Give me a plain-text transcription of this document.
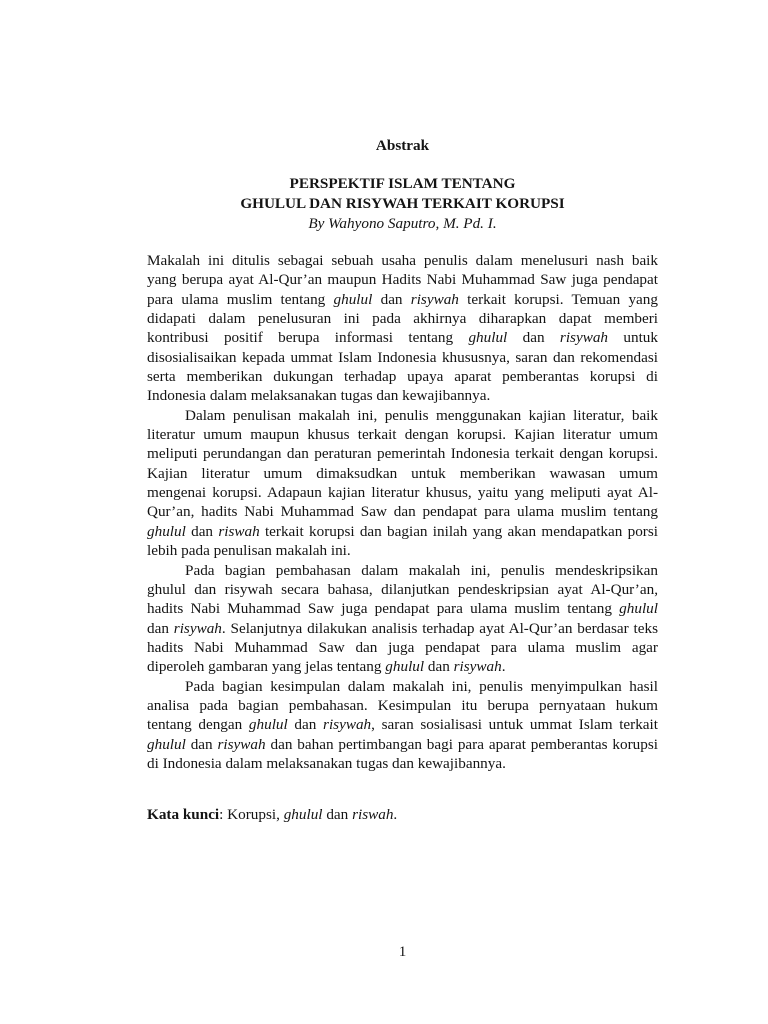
Abstrak
PERSPEKTIF ISLAM TENTANG
GHULUL DAN RISYWAH TERKAIT KORUPSI
By Wahyono Saputro, M. Pd. I.
Makalah ini ditulis sebagai sebuah usaha penulis dalam menelusuri nash baik
yang berupa ayat Al-Qur’an maupun Hadits Nabi Muhammad Saw juga pendapat
para ulama muslim tentang ghulul dan risywah terkait korupsi. Temuan yang
didapati dalam penelusuran ini pada akhirnya diharapkan dapat memberi
kontribusi positif berupa informasi tentang ghulul dan risywah untuk
disosialisaikan kepada ummat Islam Indonesia khususnya, saran dan rekomendasi
serta memberikan dukungan terhadap upaya aparat pemberantas korupsi di
Indonesia dalam melaksanakan tugas dan kewajibannya.
Dalam penulisan makalah ini, penulis menggunakan kajian literatur, baik
literatur umum maupun khusus terkait dengan korupsi. Kajian literatur umum
meliputi perundangan dan peraturan pemerintah Indonesia terkait dengan korupsi.
Kajian literatur umum dimaksudkan untuk memberikan wawasan umum
mengenai korupsi. Adapaun kajian literatur khusus, yaitu yang meliputi ayat Al-
Qur’an, hadits Nabi Muhammad Saw dan pendapat para ulama muslim tentang
ghulul dan riswah terkait korupsi dan bagian inilah yang akan mendapatkan porsi
lebih pada penulisan makalah ini.
Pada bagian pembahasan dalam makalah ini, penulis mendeskripsikan
ghulul dan risywah secara bahasa, dilanjutkan pendeskripsian ayat Al-Qur’an,
hadits Nabi Muhammad Saw juga pendapat para ulama muslim tentang ghulul
dan risywah. Selanjutnya dilakukan analisis terhadap ayat Al-Qur’an berdasar teks
hadits Nabi Muhammad Saw dan juga pendapat para ulama muslim agar
diperoleh gambaran yang jelas tentang ghulul dan risywah.
Pada bagian kesimpulan dalam makalah ini, penulis menyimpulkan hasil
analisa pada bagian pembahasan. Kesimpulan itu berupa pernyataan hukum
tentang dengan ghulul dan risywah, saran sosialisasi untuk ummat Islam terkait
ghulul dan risywah dan bahan pertimbangan bagi para aparat pemberantas korupsi
di Indonesia dalam melaksanakan tugas dan kewajibannya.
Kata kunci: Korupsi, ghulul dan riswah.
1
